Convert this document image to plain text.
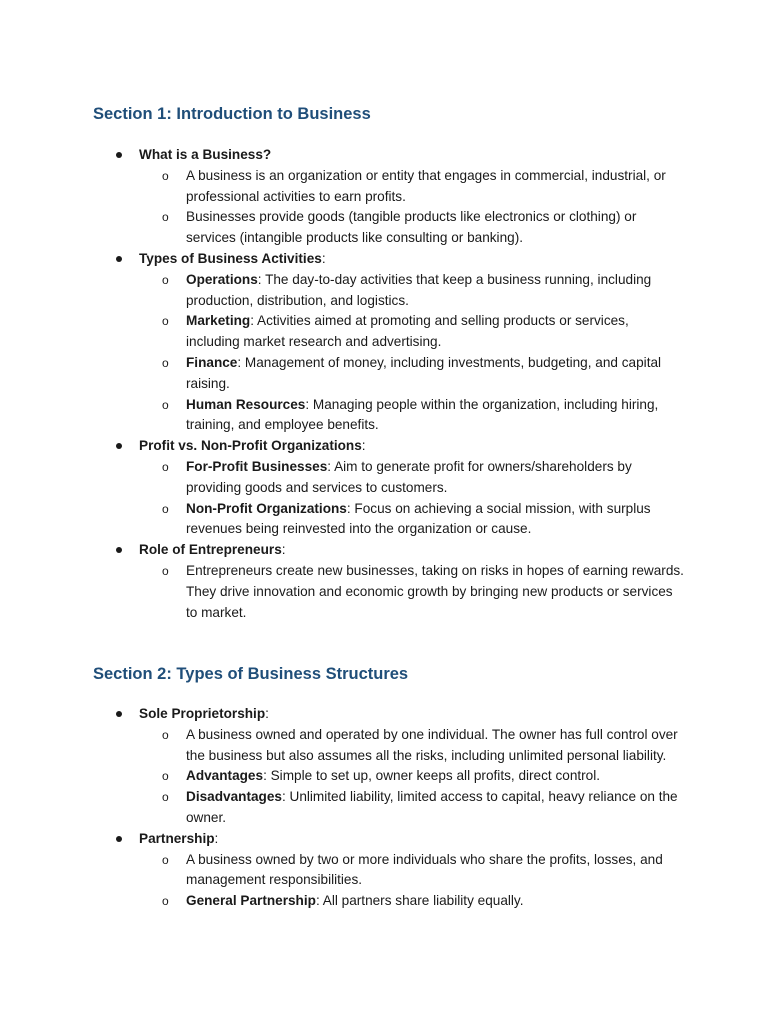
Section 1: Introduction to Business
What is a Business?
o A business is an organization or entity that engages in commercial, industrial, or professional activities to earn profits.
o Businesses provide goods (tangible products like electronics or clothing) or services (intangible products like consulting or banking).
Types of Business Activities:
o Operations: The day-to-day activities that keep a business running, including production, distribution, and logistics.
o Marketing: Activities aimed at promoting and selling products or services, including market research and advertising.
o Finance: Management of money, including investments, budgeting, and capital raising.
o Human Resources: Managing people within the organization, including hiring, training, and employee benefits.
Profit vs. Non-Profit Organizations:
o For-Profit Businesses: Aim to generate profit for owners/shareholders by providing goods and services to customers.
o Non-Profit Organizations: Focus on achieving a social mission, with surplus revenues being reinvested into the organization or cause.
Role of Entrepreneurs:
o Entrepreneurs create new businesses, taking on risks in hopes of earning rewards. They drive innovation and economic growth by bringing new products or services to market.
Section 2: Types of Business Structures
Sole Proprietorship:
o A business owned and operated by one individual. The owner has full control over the business but also assumes all the risks, including unlimited personal liability.
o Advantages: Simple to set up, owner keeps all profits, direct control.
o Disadvantages: Unlimited liability, limited access to capital, heavy reliance on the owner.
Partnership:
o A business owned by two or more individuals who share the profits, losses, and management responsibilities.
o General Partnership: All partners share liability equally.
